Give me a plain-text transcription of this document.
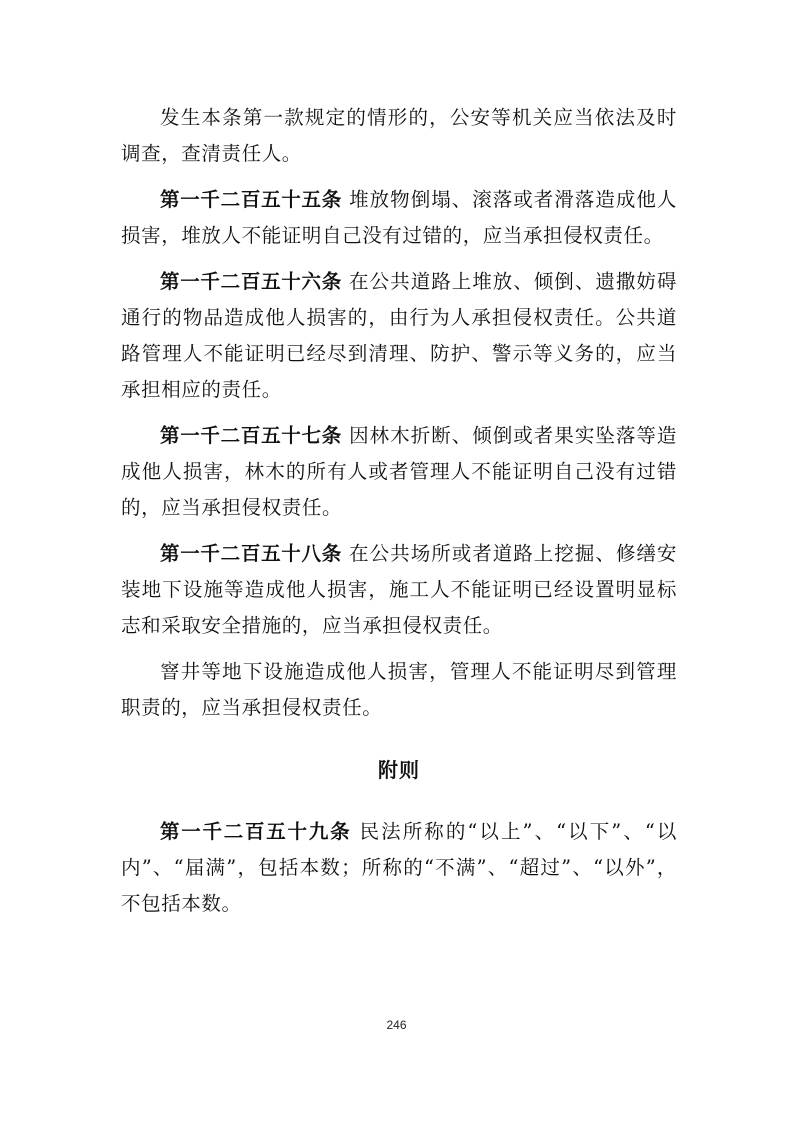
发生本条第一款规定的情形的，公安等机关应当依法及时调查，查清责任人。

第一千二百五十五条 堆放物倒塌、滚落或者滑落造成他人损害，堆放人不能证明自己没有过错的，应当承担侵权责任。

第一千二百五十六条 在公共道路上堆放、倾倒、遗撒妨碍通行的物品造成他人损害的，由行为人承担侵权责任。公共道路管理人不能证明已经尽到清理、防护、警示等义务的，应当承担相应的责任。

第一千二百五十七条 因林木折断、倾倒或者果实坠落等造成他人损害，林木的所有人或者管理人不能证明自己没有过错的，应当承担侵权责任。

第一千二百五十八条 在公共场所或者道路上挖掘、修缮安装地下设施等造成他人损害，施工人不能证明已经设置明显标志和采取安全措施的，应当承担侵权责任。

窨井等地下设施造成他人损害，管理人不能证明尽到管理职责的，应当承担侵权责任。

附则

第一千二百五十九条 民法所称的“以上”、“以下”、“以内”、“届满”，包括本数；所称的“不满”、“超过”、“以外”，不包括本数。

246
